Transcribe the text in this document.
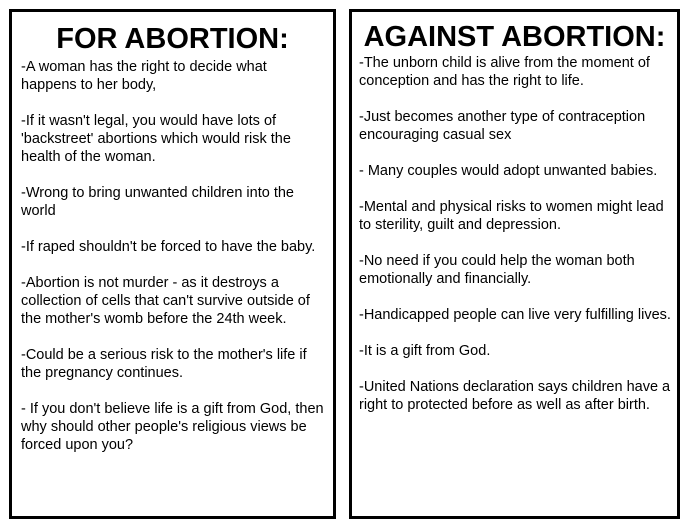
FOR ABORTION:
-A woman has the right to decide what happens to her body,
-If it wasn't legal, you would have lots of 'backstreet' abortions which would risk the health of the woman.
-Wrong to bring unwanted children into the world
-If raped shouldn't be forced to have the baby.
-Abortion is not murder - as it destroys a collection of cells that can't survive outside of the mother's womb before the 24th week.
-Could be a serious risk to the mother's life if the pregnancy continues.
- If you don't believe life is a gift from God, then why should other people's religious views be forced upon you?
AGAINST ABORTION:
-The unborn child is alive from the moment of conception and has the right to life.
-Just becomes another type of contraception encouraging casual sex
- Many couples would adopt unwanted babies.
-Mental and physical risks to women might lead to sterility, guilt and depression.
-No need if you could help the woman both emotionally and financially.
-Handicapped people can live very fulfilling lives.
-It is a gift from God.
-United Nations declaration says children have a right to protected before as well as after birth.
